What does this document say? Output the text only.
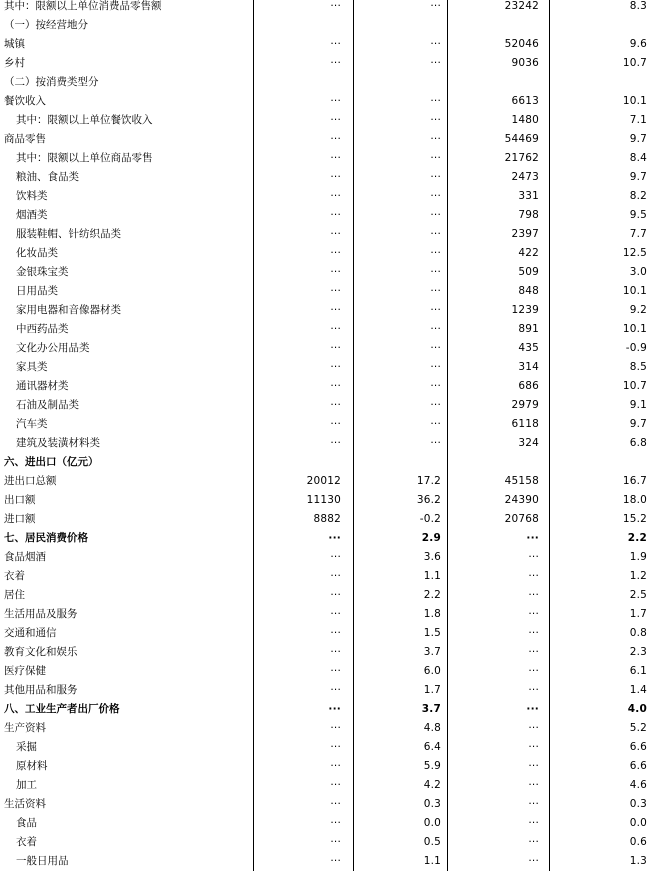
其中：限额以上单位消费品零售额	···	···	23242	8.3
（一）按经营地分
城镇	···	···	52046	9.6
乡村	···	···	9036	10.7
（二）按消费类型分
餐饮收入	···	···	6613	10.1
其中：限额以上单位餐饮收入	···	···	1480	7.1
商品零售	···	···	54469	9.7
其中：限额以上单位商品零售	···	···	21762	8.4
粮油、食品类	···	···	2473	9.7
饮料类	···	···	331	8.2
烟酒类	···	···	798	9.5
服装鞋帽、针纺织品类	···	···	2397	7.7
化妆品类	···	···	422	12.5
金银珠宝类	···	···	509	3.0
日用品类	···	···	848	10.1
家用电器和音像器材类	···	···	1239	9.2
中西药品类	···	···	891	10.1
文化办公用品类	···	···	435	-0.9
家具类	···	···	314	8.5
通讯器材类	···	···	686	10.7
石油及制品类	···	···	2979	9.1
汽车类	···	···	6118	9.7
建筑及装潢材料类	···	···	324	6.8
六、进出口（亿元）
进出口总额	20012	17.2	45158	16.7
出口额	11130	36.2	24390	18.0
进口额	8882	-0.2	20768	15.2
七、居民消费价格	···	2.9	···	2.2
食品烟酒	···	3.6	···	1.9
衣着	···	1.1	···	1.2
居住	···	2.2	···	2.5
生活用品及服务	···	1.8	···	1.7
交通和通信	···	1.5	···	0.8
教育文化和娱乐	···	3.7	···	2.3
医疗保健	···	6.0	···	6.1
其他用品和服务	···	1.7	···	1.4
八、工业生产者出厂价格	···	3.7	···	4.0
生产资料	···	4.8	···	5.2
采掘	···	6.4	···	6.6
原材料	···	5.9	···	6.6
加工	···	4.2	···	4.6
生活资料	···	0.3	···	0.3
食品	···	0.0	···	0.0
衣着	···	0.5	···	0.6
一般日用品	···	1.1	···	1.3
